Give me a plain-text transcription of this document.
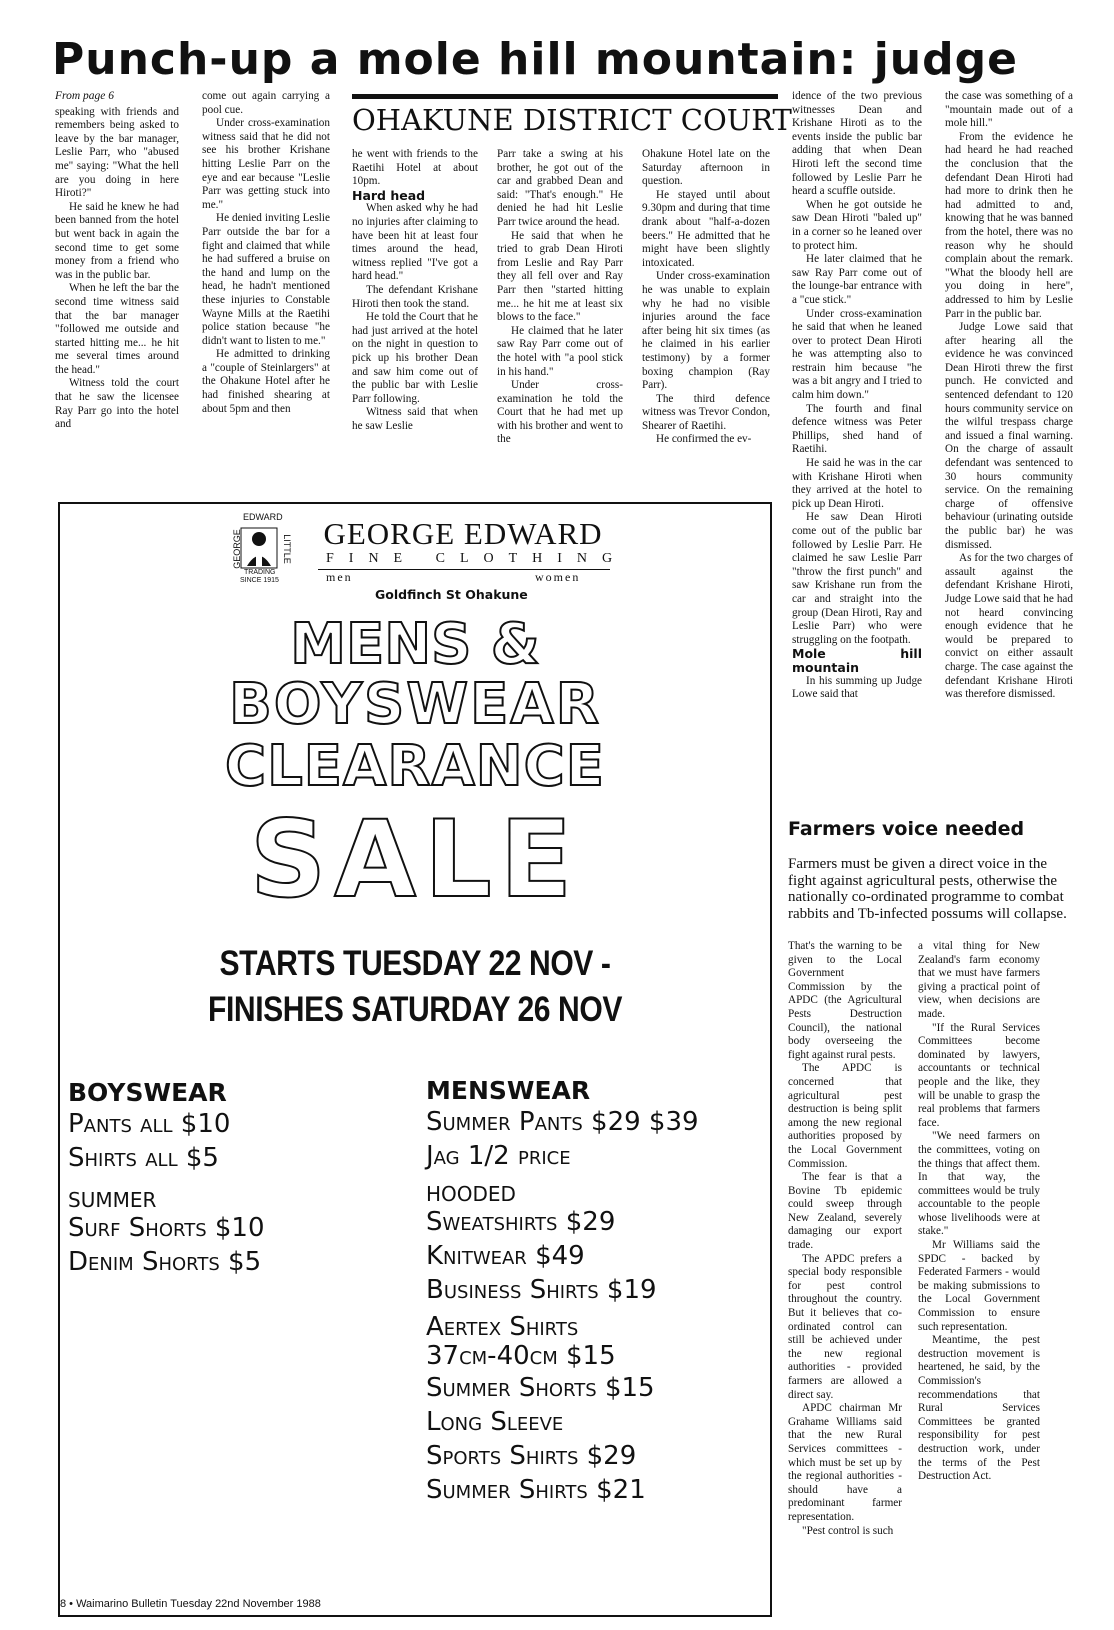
Punch-up a mole hill mountain: judge
From page 6

speaking with friends and remembers being asked to leave by the bar manager, Leslie Parr, who "abused me" saying: "What the hell are you doing in here Hiroti?"

He said he knew he had been banned from the hotel but went back in again the second time to get some money from a friend who was in the public bar.

When he left the bar the second time witness said that the bar manager "followed me outside and started hitting me... he hit me several times around the head."

Witness told the court that he saw the licensee Ray Parr go into the hotel and

come out again carrying a pool cue.

Under cross-examination witness said that he did not see his brother Krishane hitting Leslie Parr on the eye and ear because "Leslie Parr was getting stuck into me."

He denied inviting Leslie Parr outside the bar for a fight and claimed that while he had suffered a bruise on the hand and lump on the head, he hadn't mentioned these injuries to Constable Wayne Mills at the Raetihi police station because "he didn't want to listen to me."

He admitted to drinking a "couple of Steinlargers" at the Ohakune Hotel after he had finished shearing at about 5pm and then

OHAKUNE DISTRICT COURT

he went with friends to the Raetihi Hotel at about 10pm.

Hard head

When asked why he had no injuries after claiming to have been hit at least four times around the head, witness replied "I've got a hard head."

The defendant Krishane Hiroti then took the stand.

He told the Court that he had just arrived at the hotel on the night in question to pick up his brother Dean and saw him come out of the public bar with Leslie Parr following.

Witness said that when he saw Leslie

Parr take a swing at his brother, he got out of the car and grabbed Dean and said: "That's enough." He denied he had hit Leslie Parr twice around the head.

He said that when he tried to grab Dean Hiroti from Leslie and Ray Parr they all fell over and Ray Parr then "started hitting me... he hit me at least six blows to the face."

He claimed that he later saw Ray Parr come out of the hotel with "a pool stick in his hand."

Under cross-examination he told the Court that he had met up with his brother and went to the

Ohakune Hotel late on the Saturday afternoon in question.

He stayed until about 9.30pm and during that time drank about "half-a-dozen beers." He admitted that he might have been slightly intoxicated.

Under cross-examination he was unable to explain why he had no visible injuries around the face after being hit six times (as he claimed in his earlier testimony) by a former boxing champion (Ray Parr).

The third defence witness was Trevor Condon, Shearer of Raetihi.

He confirmed the ev-

idence of the two previous witnesses Dean and Krishane Hiroti as to the events inside the public bar adding that when Dean Hiroti left the second time followed by Leslie Parr he heard a scuffle outside.

When he got outside he saw Dean Hiroti "baled up" in a corner so he leaned over to protect him.

He later claimed that he saw Ray Parr come out of the lounge-bar entrance with a "cue stick."

Under cross-examination he said that when he leaned over to protect Dean Hiroti he was attempting also to restrain him because "he was a bit angry and I tried to calm him down."

The fourth and final defence witness was Peter Phillips, shed hand of Raetihi.

He said he was in the car with Krishane Hiroti when they arrived at the hotel to pick up Dean Hiroti.

He saw Dean Hiroti come out of the public bar followed by Leslie Parr. He claimed he saw Leslie Parr "throw the first punch" and saw Krishane run from the car and straight into the group (Dean Hiroti, Ray and Leslie Parr) who were struggling on the footpath.

Mole hill mountain

In his summing up Judge Lowe said that

the case was something of a "mountain made out of a mole hill."

From the evidence he had heard he had reached the conclusion that the defendant Dean Hiroti had had more to drink then he had admitted to and, knowing that he was banned from the hotel, there was no reason why he should complain about the remark. "What the bloody hell are you doing in here", addressed to him by Leslie Parr in the public bar.

Judge Lowe said that after hearing all the evidence he was convinced Dean Hiroti threw the first punch. He convicted and sentenced defendant to 120 hours community service on the wilful trespass charge and issued a final warning. On the charge of assault defendant was sentenced to 30 hours community service. On the remaining charge of offensive behaviour (urinating outside the public bar) he was dismissed.

As for the two charges of assault against the defendant Krishane Hiroti, Judge Lowe said that he had not heard convincing enough evidence that he would be prepared to convict on either assault charge. The case against the defendant Krishane Hiroti was therefore dismissed.

EDWARD
GEORGE	LITTLE
TRADING
SINCE 1915
GEORGE EDWARD
FINE CLOTHING
men	women
Goldfinch St Ohakune
MENS &
BOYSWEAR
CLEARANCE
SALE
STARTS TUESDAY 22 NOV -
FINISHES SATURDAY 26 NOV
BOYSWEAR
Pants all $10
Shirts all $5
SUMMER
Surf Shorts $10
Denim Shorts $5
MENSWEAR
Summer Pants $29 $39
Jag 1/2 price
HOODED
Sweatshirts $29
Knitwear $49
Business Shirts $19
Aertex Shirts
37cm-40cm $15
Summer Shorts $15
Long Sleeve
Sports Shirts $29
Summer Shirts $21
Farmers voice needed
Farmers must be given a direct voice in the fight against agricultural pests, otherwise the nationally co-ordinated programme to combat rabbits and Tb-infected possums will collapse.

That's the warning to be given to the Local Government Commission by the APDC (the Agricultural Pests Destruction Council), the national body overseeing the fight against rural pests.

The APDC is concerned that agricultural pest destruction is being split among the new regional authorities proposed by the Local Government Commission.

The fear is that a Bovine Tb epidemic could sweep through New Zealand, severely damaging our export trade.

The APDC prefers a special body responsible for pest control throughout the country. But it believes that co-ordinated control can still be achieved under the new regional authorities - provided farmers are allowed a direct say.

APDC chairman Mr Grahame Williams said that the new Rural Services committees - which must be set up by the regional authorities - should have a predominant farmer representation.

"Pest control is such

a vital thing for New Zealand's farm economy that we must have farmers giving a practical point of view, when decisions are made.

"If the Rural Services Committees become dominated by lawyers, accountants or technical people and the like, they will be unable to grasp the real problems that farmers face.

"We need farmers on the committees, voting on the things that affect them. In that way, the committees would be truly accountable to the people whose livelihoods were at stake."

Mr Williams said the SPDC - backed by Federated Farmers - would be making submissions to the Local Government Commission to ensure such representation.

Meantime, the pest destruction movement is heartened, he said, by the Commission's recommendations that Rural Services Committees be granted responsibility for pest destruction work, under the terms of the Pest Destruction Act.

8 • Waimarino Bulletin Tuesday 22nd November 1988
